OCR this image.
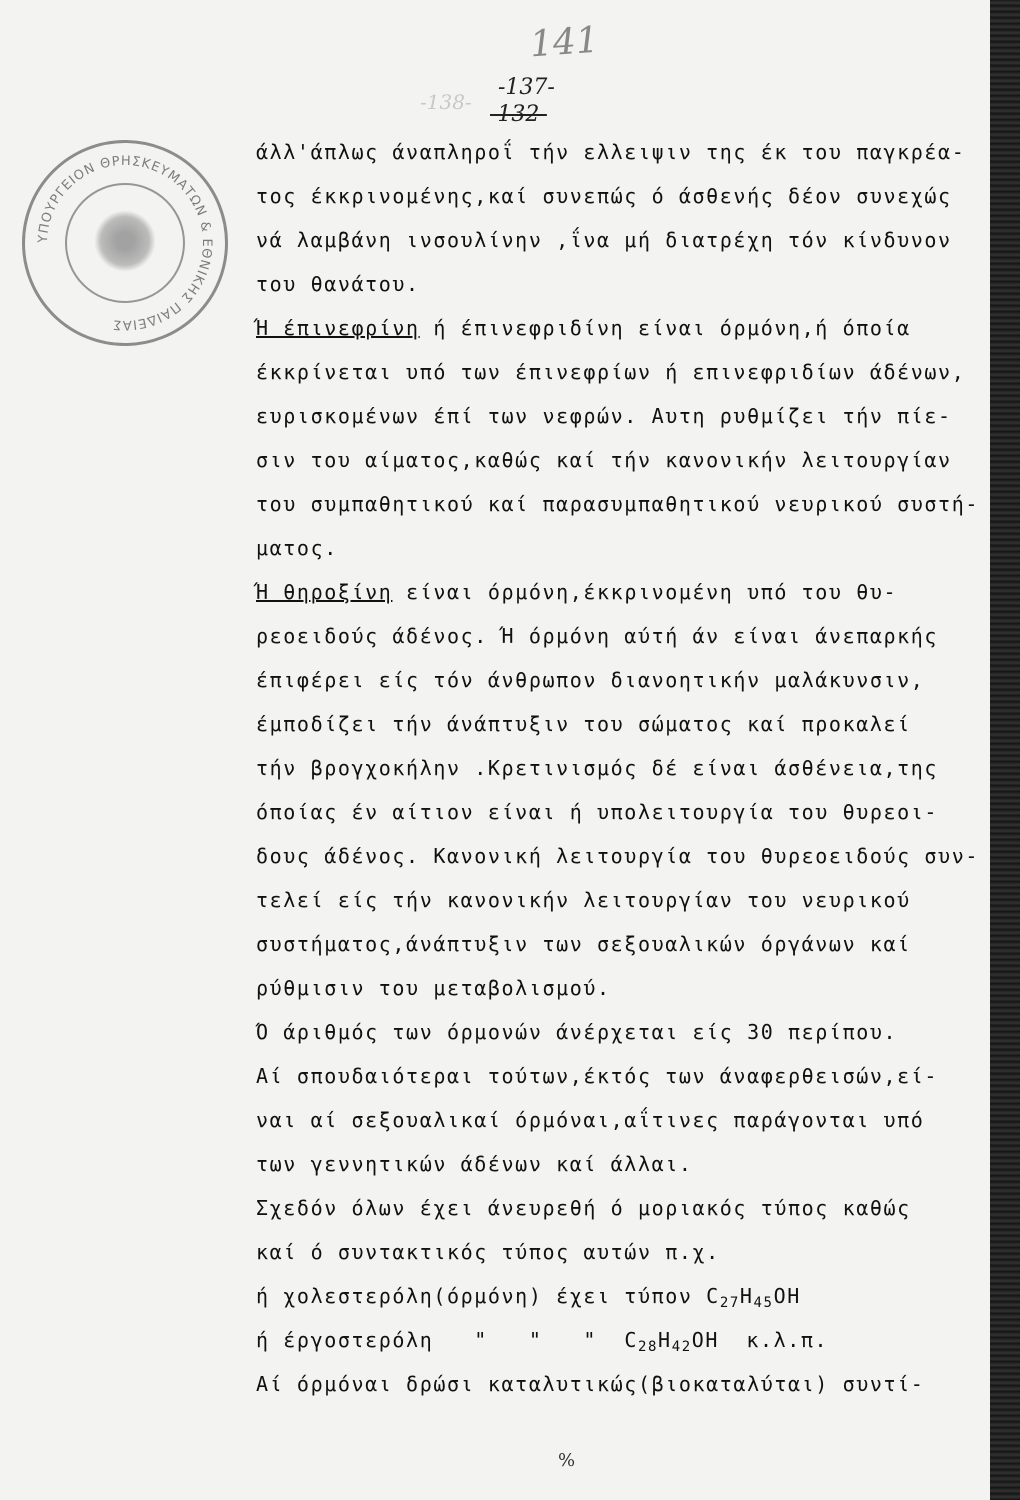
141
-138-
-137-
-132-
ΥΠΟΥΡΓΕΙΟΝ ΘΡΗΣΚΕΥΜΑΤΩΝ & ΕΘΝΙΚΗΣ ΠΑΙΔΕΙΑΣ
άλλ'άπλως άναπληροΐ τήν ελλειψιν της έκ του παγκρέα-
τος έκκρινομένης,καί συνεπώς ό άσθενής δέον συνεχώς
νά λαμβάνη ινσουλίνην ,ΐνα μή διατρέχη τόν κίνδυνον
του θανάτου.
Ή έπινεφρίνη ή έπινεφριδίνη είναι όρμόνη,ή όποία
έκκρίνεται υπό των έπινεφρίων ή επινεφριδίων άδένων,
ευρισκομένων έπί των νεφρών. Αυτη ρυθμίζει τήν πίε-
σιν του αίματος,καθώς καί τήν κανονικήν λειτουργίαν
του συμπαθητικού καί παρασυμπαθητικού νευρικού συστή-
ματος.
Ή θηροξίνη είναι όρμόνη,έκκρινομένη υπό του θυ-
ρεοειδούς άδένος. Ή όρμόνη αύτή άν είναι άνεπαρκής
έπιφέρει είς τόν άνθρωπον διανοητικήν μαλάκυνσιν,
έμποδίζει τήν άνάπτυξιν του σώματος καί προκαλεί
τήν βρογχοκήλην .Κρετινισμός δέ είναι άσθένεια,της
όποίας έν αίτιον είναι ή υπολειτουργία του θυρεοι-
δους άδένος. Κανονική λειτουργία του θυρεοειδούς συν-
τελεί είς τήν κανονικήν λειτουργίαν του νευρικού
συστήματος,άνάπτυξιν των σεξουαλικών όργάνων καί
ρύθμισιν του μεταβολισμού.
Ό άριθμός των όρμονών άνέρχεται είς 30 περίπου.
Αί σπουδαιότεραι τούτων,έκτός των άναφερθεισών,εί-
ναι αί σεξουαλικαί όρμόναι,αΐτινες παράγονται υπό
των γεννητικών άδένων καί άλλαι.
Σχεδόν όλων έχει άνευρεθή ό μοριακός τύπος καθώς
καί ό συντακτικός τύπος αυτών π.χ.
ή χολεστερόλη(όρμόνη) έχει τύπον $C_{27}H_{45}OH$
ή έργοστερόλη   "   "   "  $C_{28}H_{42}OH$  κ.λ.π.
Αί όρμόναι δρώσι καταλυτικώς(βιοκαταλύται) συντί-
%
